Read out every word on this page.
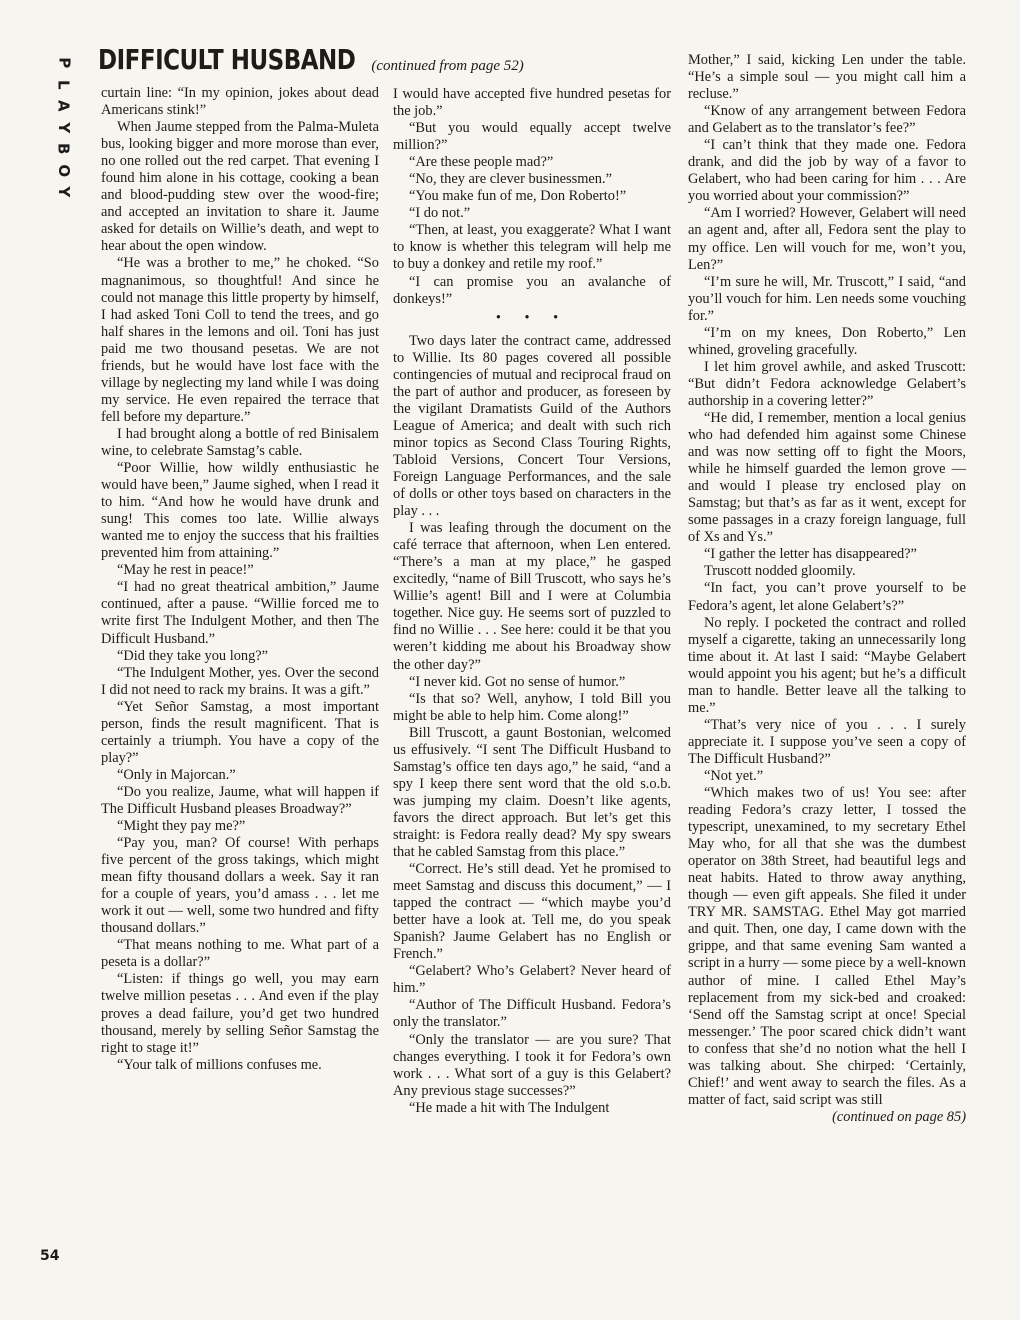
P
L
A
Y
B
O
Y
DIFFICULT HUSBAND (continued from page 52)

curtain line: “In my opinion, jokes about dead Americans stink!”

When Jaume stepped from the Palma-Muleta bus, looking bigger and more morose than ever, no one rolled out the red carpet. That evening I found him alone in his cottage, cooking a bean and blood-pudding stew over the wood-fire; and accepted an invitation to share it. Jaume asked for details on Willie’s death, and wept to hear about the open window.

“He was a brother to me,” he choked. “So magnanimous, so thoughtful! And since he could not manage this little property by himself, I had asked Toni Coll to tend the trees, and go half shares in the lemons and oil. Toni has just paid me two thousand pesetas. We are not friends, but he would have lost face with the village by neglecting my land while I was doing my service. He even repaired the terrace that fell before my departure.”

I had brought along a bottle of red Binisalem wine, to celebrate Samstag’s cable.

“Poor Willie, how wildly enthusiastic he would have been,” Jaume sighed, when I read it to him. “And how he would have drunk and sung! This comes too late. Willie always wanted me to enjoy the success that his frailties prevented him from attaining.”

“May he rest in peace!”

“I had no great theatrical ambition,” Jaume continued, after a pause. “Willie forced me to write first The Indulgent Mother, and then The Difficult Husband.”

“Did they take you long?”

“The Indulgent Mother, yes. Over the second I did not need to rack my brains. It was a gift.”

“Yet Señor Samstag, a most important person, finds the result magnificent. That is certainly a triumph. You have a copy of the play?”

“Only in Majorcan.”

“Do you realize, Jaume, what will happen if The Difficult Husband pleases Broadway?”

“Might they pay me?”

“Pay you, man? Of course! With perhaps five percent of the gross takings, which might mean fifty thousand dollars a week. Say it ran for a couple of years, you’d amass . . . let me work it out — well, some two hundred and fifty thousand dollars.”

“That means nothing to me. What part of a peseta is a dollar?”

“Listen: if things go well, you may earn twelve million pesetas . . . And even if the play proves a dead failure, you’d get two hundred thousand, merely by selling Señor Samstag the right to stage it!”

“Your talk of millions confuses me.

I would have accepted five hundred pesetas for the job.”

“But you would equally accept twelve million?”

“Are these people mad?”

“No, they are clever businessmen.”

“You make fun of me, Don Roberto!”

“I do not.”

“Then, at least, you exaggerate? What I want to know is whether this telegram will help me to buy a donkey and retile my roof.”

“I can promise you an avalanche of donkeys!”

• • •

Two days later the contract came, addressed to Willie. Its 80 pages covered all possible contingencies of mutual and reciprocal fraud on the part of author and producer, as foreseen by the vigilant Dramatists Guild of the Authors League of America; and dealt with such rich minor topics as Second Class Touring Rights, Tabloid Versions, Concert Tour Versions, Foreign Language Performances, and the sale of dolls or other toys based on characters in the play . . .

I was leafing through the document on the café terrace that afternoon, when Len entered. “There’s a man at my place,” he gasped excitedly, “name of Bill Truscott, who says he’s Willie’s agent! Bill and I were at Columbia together. Nice guy. He seems sort of puzzled to find no Willie . . . See here: could it be that you weren’t kidding me about his Broadway show the other day?”

“I never kid. Got no sense of humor.”

“Is that so? Well, anyhow, I told Bill you might be able to help him. Come along!”

Bill Truscott, a gaunt Bostonian, welcomed us effusively. “I sent The Difficult Husband to Samstag’s office ten days ago,” he said, “and a spy I keep there sent word that the old s.o.b. was jumping my claim. Doesn’t like agents, favors the direct approach. But let’s get this straight: is Fedora really dead? My spy swears that he cabled Samstag from this place.”

“Correct. He’s still dead. Yet he promised to meet Samstag and discuss this document,” — I tapped the contract — “which maybe you’d better have a look at. Tell me, do you speak Spanish? Jaume Gelabert has no English or French.”

“Gelabert? Who’s Gelabert? Never heard of him.”

“Author of The Difficult Husband. Fedora’s only the translator.”

“Only the translator — are you sure? That changes everything. I took it for Fedora’s own work . . . What sort of a guy is this Gelabert? Any previous stage successes?”

“He made a hit with The Indulgent

Mother,” I said, kicking Len under the table. “He’s a simple soul — you might call him a recluse.”

“Know of any arrangement between Fedora and Gelabert as to the translator’s fee?”

“I can’t think that they made one. Fedora drank, and did the job by way of a favor to Gelabert, who had been caring for him . . . Are you worried about your commission?”

“Am I worried? However, Gelabert will need an agent and, after all, Fedora sent the play to my office. Len will vouch for me, won’t you, Len?”

“I’m sure he will, Mr. Truscott,” I said, “and you’ll vouch for him. Len needs some vouching for.”

“I’m on my knees, Don Roberto,” Len whined, groveling gracefully.

I let him grovel awhile, and asked Truscott: “But didn’t Fedora acknowledge Gelabert’s authorship in a covering letter?”

“He did, I remember, mention a local genius who had defended him against some Chinese and was now setting off to fight the Moors, while he himself guarded the lemon grove — and would I please try enclosed play on Samstag; but that’s as far as it went, except for some passages in a crazy foreign language, full of Xs and Ys.”

“I gather the letter has disappeared?”

Truscott nodded gloomily.

“In fact, you can’t prove yourself to be Fedora’s agent, let alone Gelabert’s?”

No reply. I pocketed the contract and rolled myself a cigarette, taking an unnecessarily long time about it. At last I said: “Maybe Gelabert would appoint you his agent; but he’s a difficult man to handle. Better leave all the talking to me.”

“That’s very nice of you . . . I surely appreciate it. I suppose you’ve seen a copy of The Difficult Husband?”

“Not yet.”

“Which makes two of us! You see: after reading Fedora’s crazy letter, I tossed the typescript, unexamined, to my secretary Ethel May who, for all that she was the dumbest operator on 38th Street, had beautiful legs and neat habits. Hated to throw away anything, though — even gift appeals. She filed it under TRY MR. SAMSTAG. Ethel May got married and quit. Then, one day, I came down with the grippe, and that same evening Sam wanted a script in a hurry — some piece by a well-known author of mine. I called Ethel May’s replacement from my sick-bed and croaked: ‘Send off the Samstag script at once! Special messenger.’ The poor scared chick didn’t want to confess that she’d no notion what the hell I was talking about. She chirped: ‘Certainly, Chief!’ and went away to search the files. As a matter of fact, said script was still

(continued on page 85)

54
